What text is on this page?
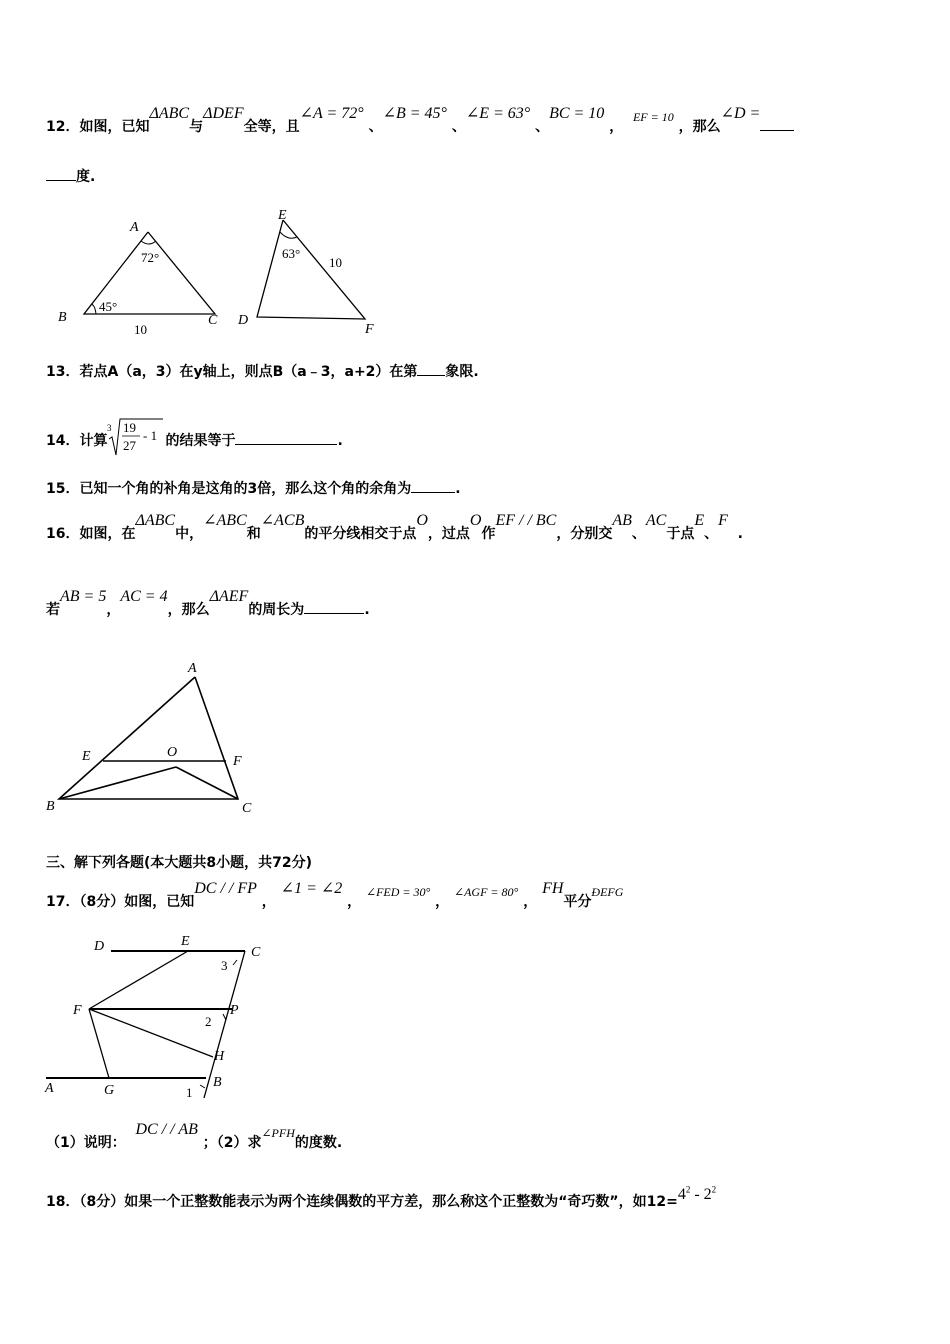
12．如图，已知ΔABC与ΔDEF全等，且∠A = 72° 、∠B = 45° 、∠E = 63° 、BC = 10 ，  EF = 10 ，那么∠D =
度.
A
B	C
72°
45°
10
E
D
F
63°
10
13．若点A（a，3）在y轴上，则点B（a﹣3，a+2）在第 象限.
14．计算
3 19
27
- 1 的结果等于	.
15．已知一个角的补角是这角的3倍，那么这个角的余角为	.
16．如图，在ΔABC中，∠ABC和∠ACB的平分线相交于点O，过点O作EF / / BC，分别交AB、AC于点E、F  .
若AB = 5，AC = 4，那么ΔAEF的周长为	.
A
B	C
E	F
O
三、解下列各题(本大题共8小题，共72分)
17．（8分）如图，已知DC / / FP ， ∠1 = ∠2 ， ∠FED = 30° ， ∠AGF = 80° ， FH平分ÐEFG
D	E
C
F	P
H
A	G
B
1
2
3
（1）说明：  DC / / AB ；（2）求∠PFH的度数.
18．（8分）如果一个正整数能表示为两个连续偶数的平方差，那么称这个正整数为“奇巧数”，如$12=4^2 - 2^2$
